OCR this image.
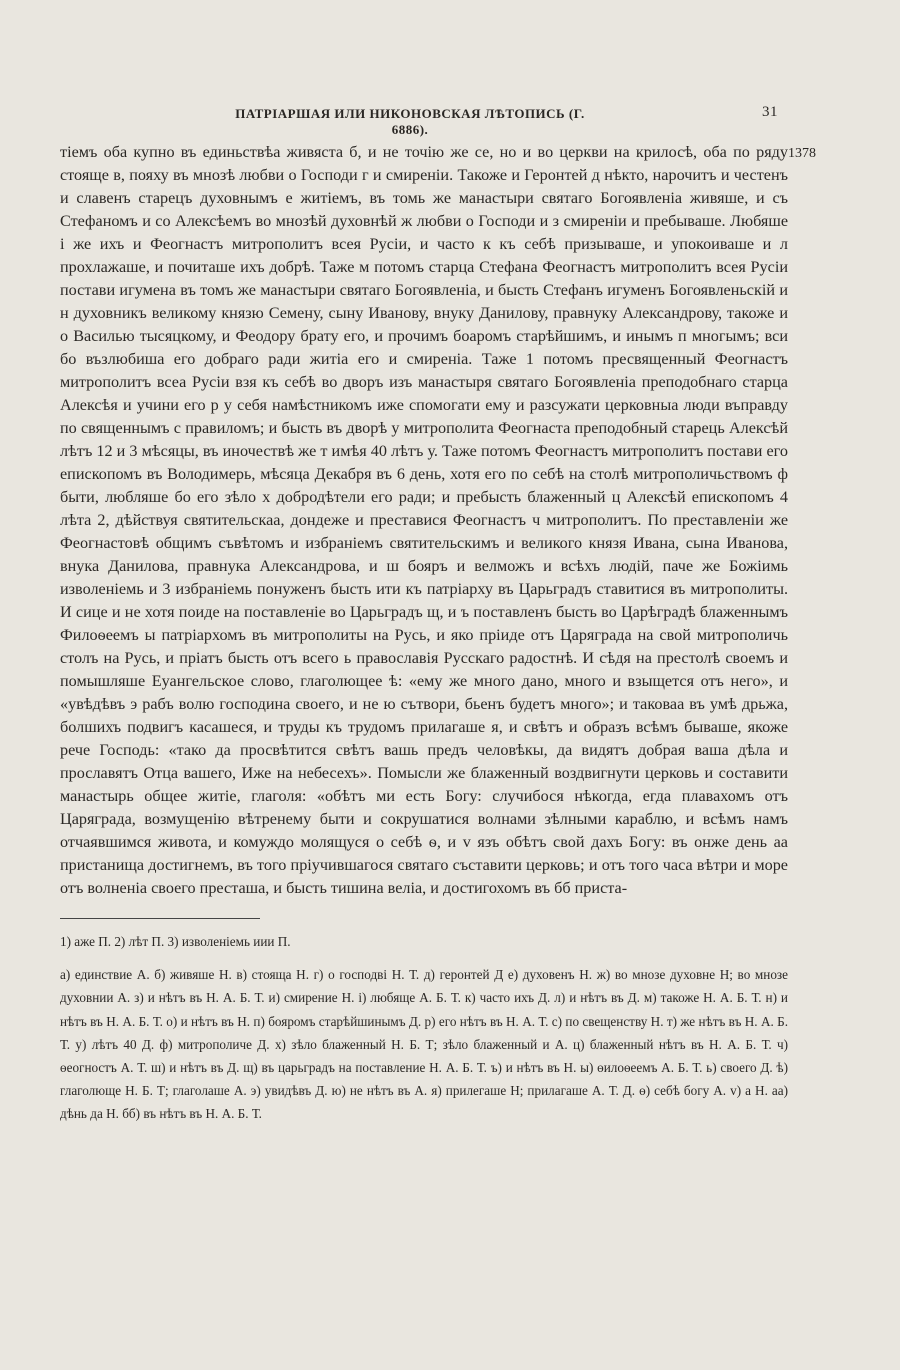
ПАТРІАРШАЯ ИЛИ НИКОНОВСКАЯ ЛѢТОПИСЬ (Г. 6886).
31
1378

тіемъ оба купно въ единьствѣа живяста б, и не точію же се, но и во церкви на крилосѣ, оба по ряду стояще в, пояху въ мнозѣ любви о Господи г и смиреніи. Такоже и Геронтей д нѣкто, нарочитъ и честенъ и славенъ старецъ духовнымъ е житіемъ, въ томь же манастыри святаго Богоявленіа живяше, и съ Стефаномъ и со Алексѣемъ во мнозѣй духовнѣй ж любви о Господи и з смиреніи и пребываше. Любяше і же ихъ и Феогнастъ митрополитъ всея Русіи, и часто к къ себѣ призываше, и упокоиваше и л прохлажаше, и почиташе ихъ добрѣ. Таже м потомъ старца Стефана Феогнастъ митрополитъ всея Русіи постави игумена въ томъ же манастыри святаго Богоявленіа, и бысть Стефанъ игуменъ Богоявленьскій и н духовникъ великому князю Семену, сыну Иванову, внуку Данилову, правнуку Александрову, такоже и о Василью тысяцкому, и Феодору брату его, и прочимъ боаромъ старѣйшимъ, и инымъ п многымъ; вси бо възлюбиша его добраго ради житіа его и смиреніа. Таже 1 потомъ пресвященный Феогнастъ митрополитъ всеа Русіи взя къ себѣ во дворъ изъ манастыря святаго Богоявленіа преподобнаго старца Алексѣя и учини его р у себя намѣстникомъ иже спомогати ему и разсужати церковныа люди въправду по священнымъ с правиломъ; и бысть въ дворѣ у митрополита Феогнаста преподобный старець Алексѣй лѣтъ 12 и 3 мѣсяцы, въ иночествѣ же т имѣя 40 лѣтъ у. Таже потомъ Феогнастъ митрополитъ постави его епископомъ въ Володимерь, мѣсяца Декабря въ 6 день, хотя его по себѣ на столѣ митрополичьствомъ ф быти, любляше бо его зѣло х добродѣтели его ради; и пребысть блаженный ц Алексѣй епископомъ 4 лѣта 2, дѣйствуя святительскаа, дондеже и преставися Феогнастъ ч митрополитъ. По преставленіи же Феогнастовѣ общимъ съвѣтомъ и избраніемъ святительскимъ и великого князя Ивана, сына Иванова, внука Данилова, правнука Александрова, и ш бояръ и велможъ и всѣхъ людій, паче же Божіимь изволеніемь и 3 избраніемь понуженъ бысть ити къ патріарху въ Царьградъ ставитися въ митрополиты. И сице и не хотя поиде на поставленіе во Царьградъ щ, и ъ поставленъ бысть во Царѣградѣ блаженнымъ Филоѳеемъ ы патріархомъ въ митрополиты на Русь, и яко пріиде отъ Царяграда на свой митрополичь столъ на Русь, и пріатъ бысть отъ всего ь православія Русскаго радостнѣ. И сѣдя на престолѣ своемъ и помышляше Еуангельское слово, глаголющее ѣ: «ему же много дано, много и взыщется отъ него», и «увѣдѣвъ э рабъ волю господина своего, и не ю сътвори, бьенъ будетъ много»; и таковаа въ умѣ дрьжа, болшихъ подвигъ касашеся, и труды къ трудомъ прилагаше я, и свѣтъ и образъ всѣмъ бываше, якоже рече Господь: «тако да просвѣтится свѣтъ вашь предъ человѣкы, да видятъ добрая ваша дѣла и прославятъ Отца вашего, Иже на небесехъ». Помысли же блаженный воздвигнути церковь и составити манастырь общее житіе, глаголя: «обѣтъ ми есть Богу: случибося нѣкогда, егда плавахомъ отъ Царяграда, возмущенію вѣтренему быти и сокрушатися волнами зѣлными караблю, и всѣмъ намъ отчаявшимся живота, и комуждо молящуся о себѣ ѳ, и v язъ обѣтъ свой дахъ Богу: въ онже день аа пристанища достигнемъ, въ того пріучившагося святаго съставити церковь; и отъ того часа вѣтри и море отъ волненіа своего престаша, и бысть тишина веліа, и достигохомъ въ бб приста-

1) аже П. 2) лѣт П. 3) изволеніемь иии П.

а) единствие А. б) живяше Н. в) стояща Н. г) о господві Н. Т. д) геронтей Д е) духовенъ Н. ж) во мнозе духовне Н; во мнозе духовнии А. з) и нѣтъ въ Н. А. Б. Т. и) смирение Н. і) любяще А. Б. Т. к) часто ихъ Д. л) и нѣтъ въ Д. м) такоже Н. А. Б. Т. н) и нѣтъ въ Н. А. Б. Т. о) и нѣтъ въ Н. п) бояромъ старѣйшинымъ Д. р) его нѣтъ въ Н. А. Т. с) по свещенству Н. т) же нѣтъ въ Н. А. Б. Т. у) лѣтъ 40 Д. ф) митрополиче Д. х) зѣло блаженный Н. Б. Т; зѣло блаженный и А. ц) блаженный нѣтъ въ Н. А. Б. Т. ч) ѳеогностъ А. Т. ш) и нѣтъ въ Д. щ) въ царьградъ на поставление Н. А. Б. Т. ъ) и нѣтъ въ Н. ы) ѳилоѳеемъ А. Б. Т. ь) своего Д. ѣ) глаголюще Н. Б. Т; глаголаше А. э) увидѣвъ Д. ю) не нѣтъ въ А. я) прилегаше Н; прилагаше А. Т. Д. ѳ) себѣ богу А. v) а Н. аа) дѣнь да Н. бб) въ нѣтъ въ Н. А. Б. Т.
